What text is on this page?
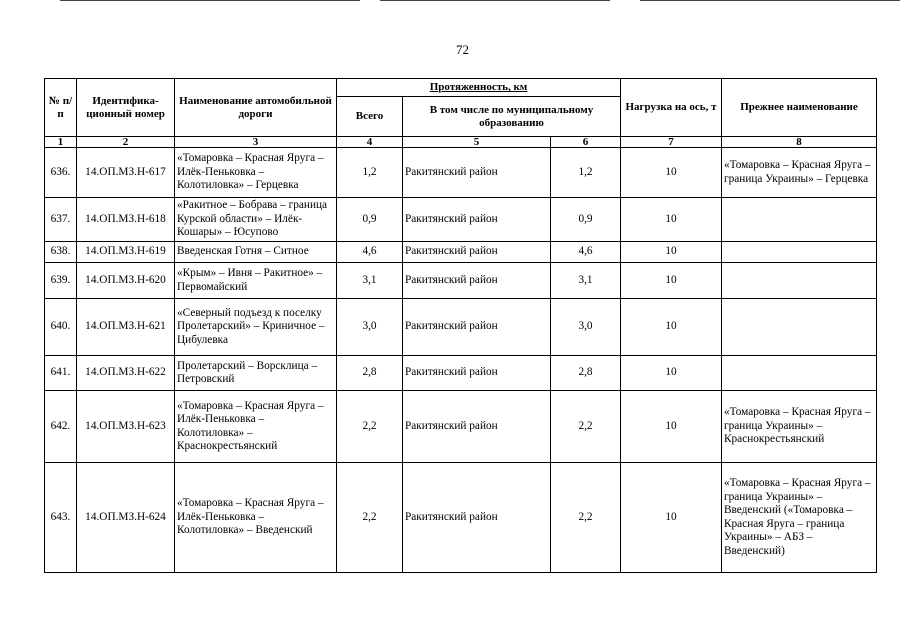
72
№ п/п	Идентифика-ционный номер	Наименование автомобильной дороги	Протяженность, км			Нагрузка на ось, т	Прежнее наименование
			Всего	В том числе по муниципальному образованию			
1	2	3	4	5	6	7	8
636.	14.ОП.МЗ.Н-617	«Томаровка – Красная Яруга – Илёк-Пеньковка – Колотиловка» – Герцевка	1,2	Ракитянский район	1,2	10	«Томаровка – Красная Яруга – граница Украины» – Герцевка
637.	14.ОП.МЗ.Н-618	«Ракитное – Бобрава – граница Курской области» – Илёк-Кошары» – Юсупово	0,9	Ракитянский район	0,9	10	
638.	14.ОП.МЗ.Н-619	Введенская Готня – Ситное	4,6	Ракитянский район	4,6	10	
639.	14.ОП.МЗ.Н-620	«Крым» – Ивня – Ракитное» – Первомайский	3,1	Ракитянский район	3,1	10	
640.	14.ОП.МЗ.Н-621	«Северный подъезд к поселку Пролетарский» – Криничное – Цибулевка	3,0	Ракитянский район	3,0	10	
641.	14.ОП.МЗ.Н-622	Пролетарский – Ворсклица – Петровский	2,8	Ракитянский район	2,8	10	
642.	14.ОП.МЗ.Н-623	«Томаровка – Красная Яруга – Илёк-Пеньковка – Колотиловка» – Краснокрестьянский	2,2	Ракитянский район	2,2	10	«Томаровка – Красная Яруга – граница Украины» – Краснокрестьянский
643.	14.ОП.МЗ.Н-624	«Томаровка – Красная Яруга – Илёк-Пеньковка – Колотиловка» – Введенский	2,2	Ракитянский район	2,2	10	«Томаровка – Красная Яруга – граница Украины» – Введенский («Томаровка – Красная Яруга – граница Украины» – АБЗ – Введенский)
